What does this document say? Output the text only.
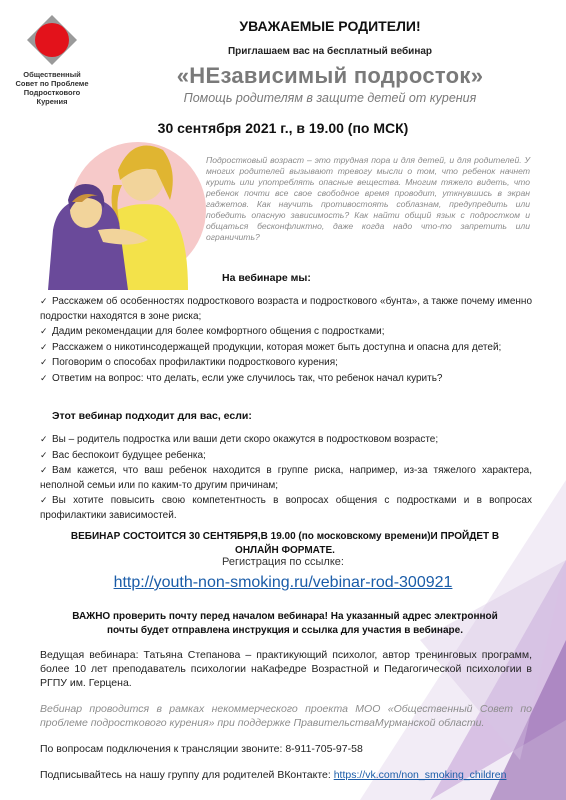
Общественный Совет по Проблеме Подросткового Курения
УВАЖАЕМЫЕ РОДИТЕЛИ!
Приглашаем вас на бесплатный вебинар
«НЕзависимый подросток»
Помощь родителям в защите детей от курения
30 сентября 2021 г., в 19.00 (по МСК)
Подростковый возраст – это трудная пора и для детей, и для родителей. У многих родителей вызывают тревогу мысли о том, что ребенок начнет курить или употреблять опасные вещества. Многим тяжело видеть, что ребенок почти все свое свободное время проводит, уткнувшись в экран гаджетов. Как научить противостоять соблазнам, предупредить или победить опасную зависимость? Как найти общий язык с подростком и общаться бесконфликтно, даже когда надо что-то запретить или ограничить?
На вебинаре мы:
✓ Расскажем об особенностях подросткового возраста и подросткового «бунта», а также почему именно подростки находятся в зоне риска;
✓ Дадим рекомендации для более комфортного общения с подростками;
✓ Расскажем о никотинсодержащей продукции, которая может быть доступна и опасна для детей;
✓ Поговорим о способах профилактики подросткового курения;
✓ Ответим на вопрос: что делать, если уже случилось так, что ребенок начал курить?
Этот вебинар подходит для вас, если:
✓ Вы – родитель подростка или ваши дети скоро окажутся в подростковом возрасте;
✓ Вас беспокоит будущее ребенка;
✓ Вам кажется, что ваш ребенок находится в группе риска, например, из-за тяжелого характера, неполной семьи или по каким-то другим причинам;
✓ Вы хотите повысить свою компетентность в вопросах общения с подростками и в вопросах профилактики зависимостей.
ВЕБИНАР СОСТОИТСЯ 30 СЕНТЯБРЯ,В 19.00 (по московскому времени)И ПРОЙДЕТ В ОНЛАЙН ФОРМАТЕ.
Регистрация по ссылке:
http://youth-non-smoking.ru/vebinar-rod-300921
ВАЖНО проверить почту перед началом вебинара! На указанный адрес электронной почты будет отправлена инструкция и ссылка для участия в вебинаре.
Ведущая вебинара: Татьяна Степанова – практикующий психолог, автор тренинговых программ, более 10 лет преподаватель психологии наКафедре Возрастной и Педагогической психологии в РГПУ им. Герцена.
Вебинар проводится в рамках некоммерческого проекта МОО «Общественный Совет по проблеме подросткового курения» при поддержке ПравительстваМурманской области.
По вопросам подключения к трансляции звоните: 8-911-705-97-58
Подписывайтесь на нашу группу для родителей ВКонтакте: https://vk.com/non_smoking_children
